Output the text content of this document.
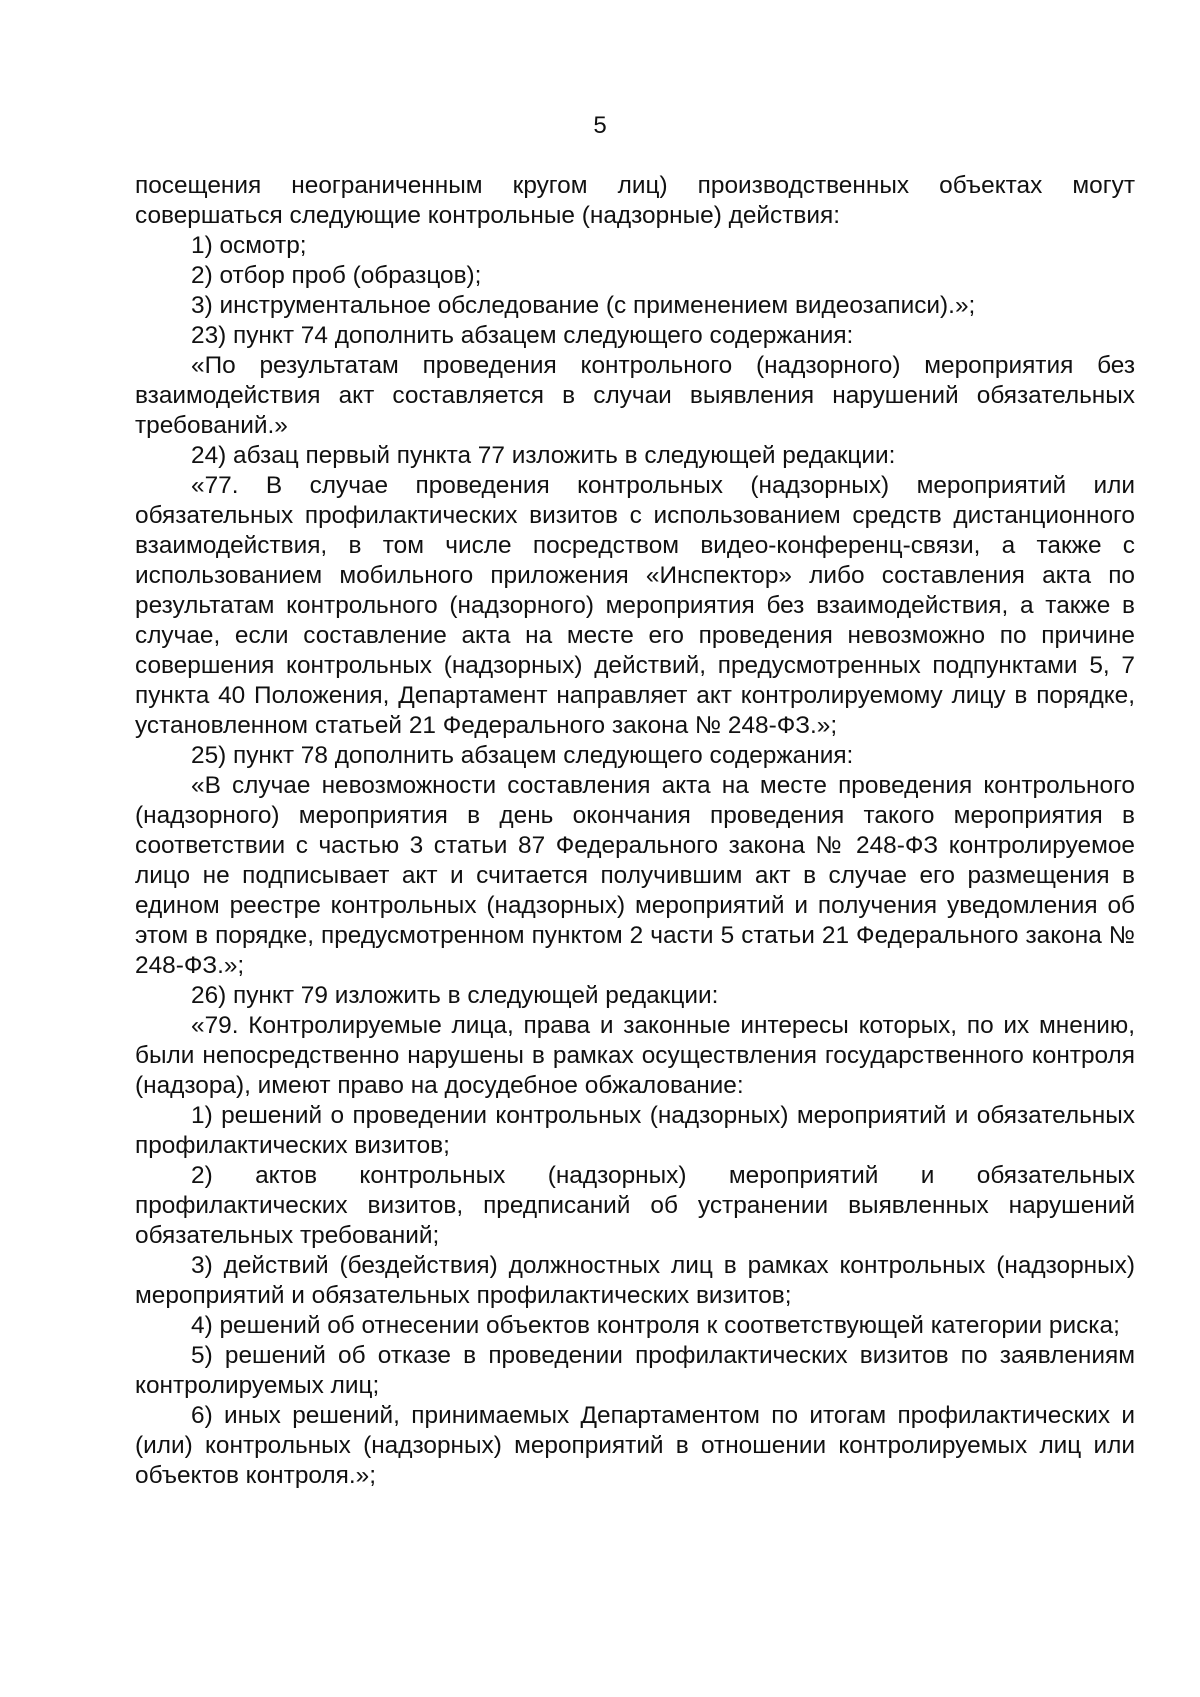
5

посещения неограниченным кругом лиц) производственных объектах могут совершаться следующие контрольные (надзорные) действия:

1) осмотр;

2) отбор проб (образцов);

3) инструментальное обследование (с применением видеозаписи).»;

23) пункт 74 дополнить абзацем следующего содержания:

«По результатам проведения контрольного (надзорного) мероприятия без взаимодействия акт составляется в случаи выявления нарушений обязательных требований.»

24) абзац первый пункта 77 изложить в следующей редакции:

«77. В случае проведения контрольных (надзорных) мероприятий или обязательных профилактических визитов с использованием средств дистанционного взаимодействия, в том числе посредством видео-конференц-связи, а также с использованием мобильного приложения «Инспектор» либо составления акта по результатам контрольного (надзорного) мероприятия без взаимодействия, а также в случае, если составление акта на месте его проведения невозможно по причине совершения контрольных (надзорных) действий, предусмотренных подпунктами 5, 7 пункта 40 Положения, Департамент направляет акт контролируемому лицу в порядке, установленном статьей 21 Федерального закона № 248-ФЗ.»;

25) пункт 78 дополнить абзацем следующего содержания:

«В случае невозможности составления акта на месте проведения контрольного (надзорного) мероприятия в день окончания проведения такого мероприятия в соответствии с частью 3 статьи 87 Федерального закона № 248-ФЗ контролируемое лицо не подписывает акт и считается получившим акт в случае его размещения в едином реестре контрольных (надзорных) мероприятий и получения уведомления об этом в порядке, предусмотренном пунктом 2 части 5 статьи 21 Федерального закона № 248-ФЗ.»;

26) пункт 79 изложить в следующей редакции:

«79. Контролируемые лица, права и законные интересы которых, по их мнению, были непосредственно нарушены в рамках осуществления государственного контроля (надзора), имеют право на досудебное обжалование:

1) решений о проведении контрольных (надзорных) мероприятий и обязательных профилактических визитов;

2) актов контрольных (надзорных) мероприятий и обязательных профилактических визитов, предписаний об устранении выявленных нарушений обязательных требований;

3) действий (бездействия) должностных лиц в рамках контрольных (надзорных) мероприятий и обязательных профилактических визитов;

4) решений об отнесении объектов контроля к соответствующей категории риска;

5) решений об отказе в проведении профилактических визитов по заявлениям контролируемых лиц;

6) иных решений, принимаемых Департаментом по итогам профилактических и (или) контрольных (надзорных) мероприятий в отношении контролируемых лиц или объектов контроля.»;
